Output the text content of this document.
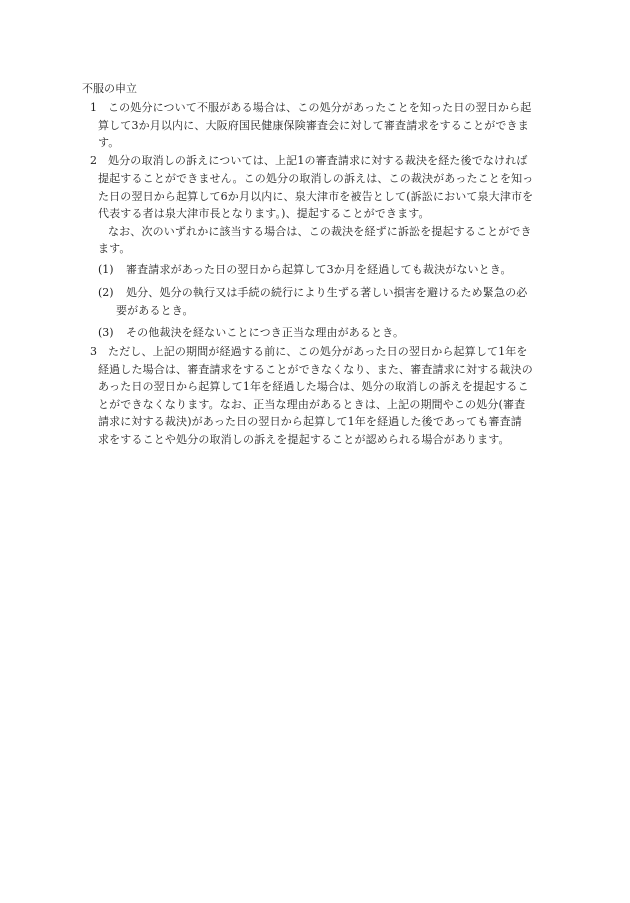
不服の申立
1 この処分について不服がある場合は、この処分があったことを知った日の翌日から起
算して3か月以内に、大阪府国民健康保険審査会に対して審査請求をすることができま
す。
2 処分の取消しの訴えについては、上記1の審査請求に対する裁決を経た後でなければ
提起することができません。この処分の取消しの訴えは、この裁決があったことを知っ
た日の翌日から起算して6か月以内に、泉大津市を被告として(訴訟において泉大津市を
代表する者は泉大津市長となります。)、提起することができます。
なお、次のいずれかに該当する場合は、この裁決を経ずに訴訟を提起することができ
ます。
(1) 審査請求があった日の翌日から起算して3か月を経過しても裁決がないとき。
(2) 処分、処分の執行又は手続の続行により生ずる著しい損害を避けるため緊急の必
要があるとき。
(3) その他裁決を経ないことにつき正当な理由があるとき。
3 ただし、上記の期間が経過する前に、この処分があった日の翌日から起算して1年を
経過した場合は、審査請求をすることができなくなり、また、審査請求に対する裁決の
あった日の翌日から起算して1年を経過した場合は、処分の取消しの訴えを提起するこ
とができなくなります。なお、正当な理由があるときは、上記の期間やこの処分(審査
請求に対する裁決)があった日の翌日から起算して1年を経過した後であっても審査請
求をすることや処分の取消しの訴えを提起することが認められる場合があります。
